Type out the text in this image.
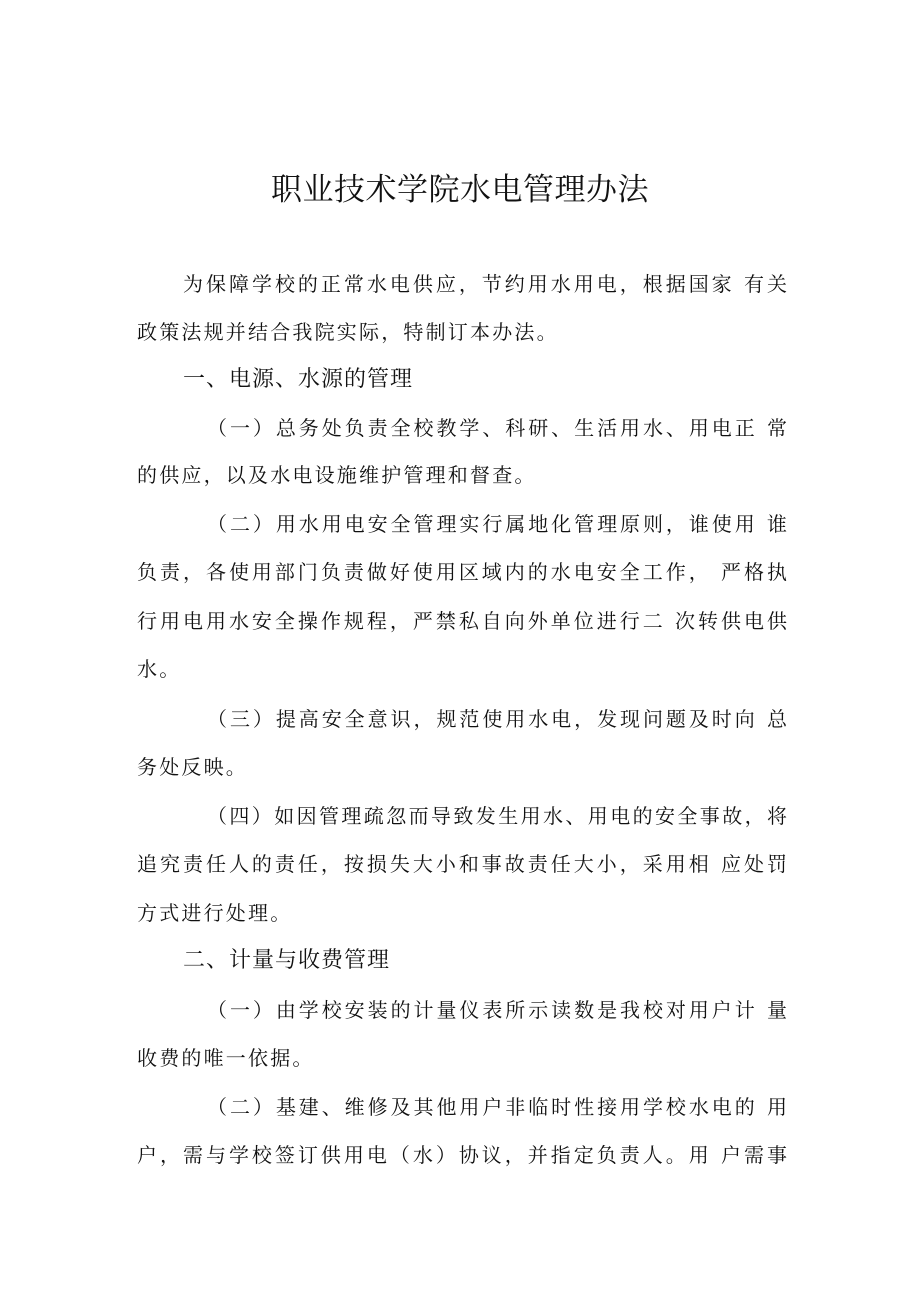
职业技术学院水电管理办法
为保障学校的正常水电供应，节约用水用电，根据国家 有关
政策法规并结合我院实际，特制订本办法。
一、电源、水源的管理
（一）总务处负责全校教学、科研、生活用水、用电正 常
的供应，以及水电设施维护管理和督查。
（二）用水用电安全管理实行属地化管理原则，谁使用 谁
负责，各使用部门负责做好使用区域内的水电安全工作， 严格执
行用电用水安全操作规程，严禁私自向外单位进行二 次转供电供
水。
（三）提高安全意识，规范使用水电，发现问题及时向 总
务处反映。
（四）如因管理疏忽而导致发生用水、用电的安全事故，将
追究责任人的责任，按损失大小和事故责任大小，采用相 应处罚
方式进行处理。
二、计量与收费管理
（一）由学校安装的计量仪表所示读数是我校对用户计 量
收费的唯一依据。
（二）基建、维修及其他用户非临时性接用学校水电的 用
户，需与学校签订供用电（水）协议，并指定负责人。用 户需事
